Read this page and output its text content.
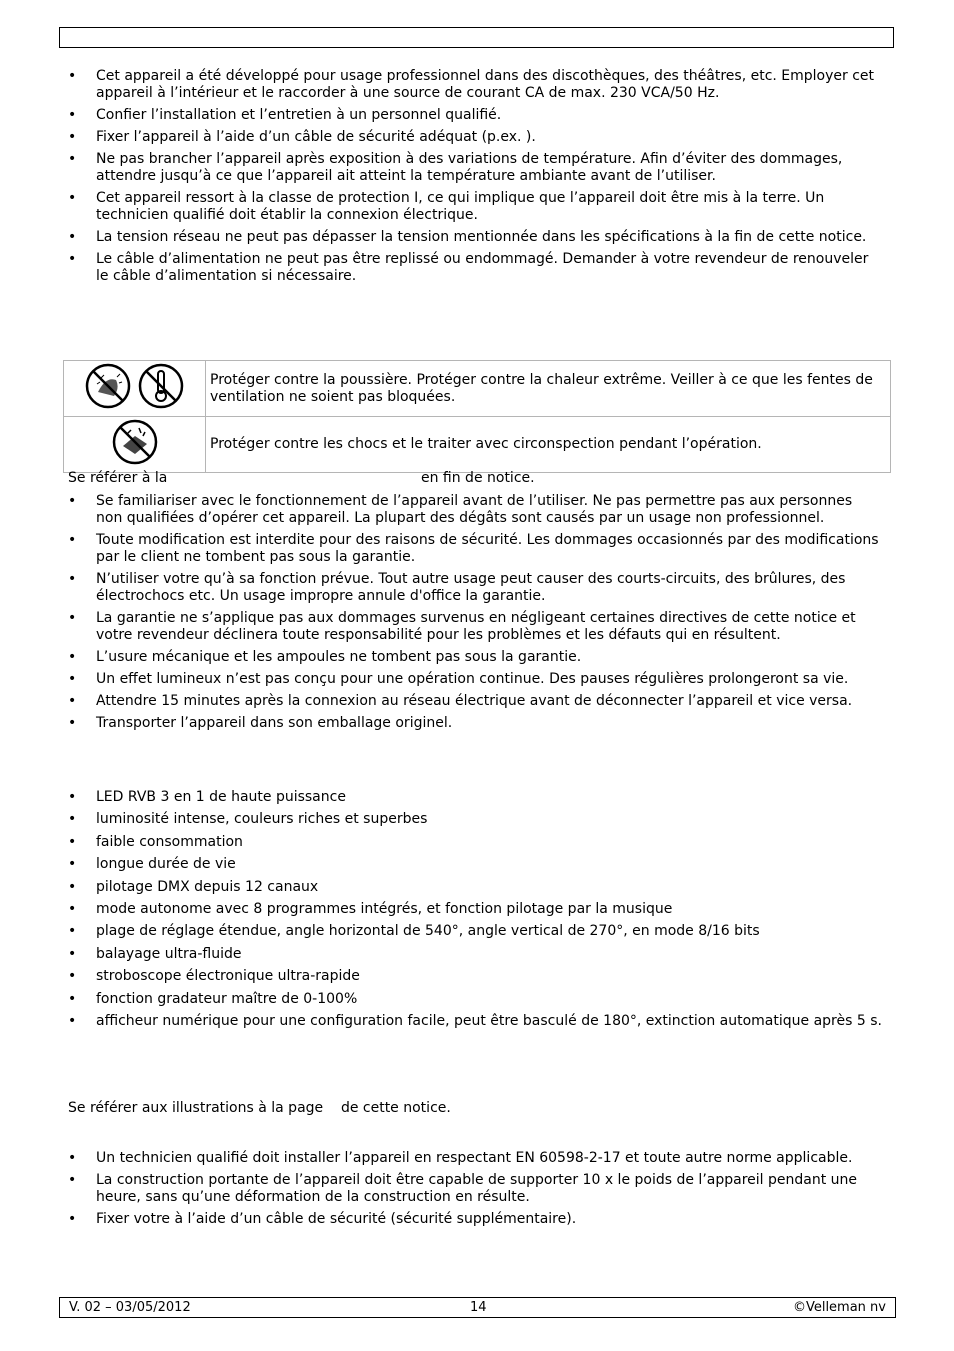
• Cet appareil a été développé pour usage professionnel dans des discothèques, des théâtres, etc. Employer cet appareil à l’intérieur et le raccorder à une source de courant CA de max. 230 VCA/50 Hz.
• Confier l’installation et l’entretien à un personnel qualifié.
• Fixer l’appareil à l’aide d’un câble de sécurité adéquat (p.ex. ).
• Ne pas brancher l’appareil après exposition à des variations de température. Afin d’éviter des dommages, attendre jusqu’à ce que l’appareil ait atteint la température ambiante avant de l’utiliser.
• Cet appareil ressort à la classe de protection I, ce qui implique que l’appareil doit être mis à la terre. Un technicien qualifié doit établir la connexion électrique.
• La tension réseau ne peut pas dépasser la tension mentionnée dans les spécifications à la fin de cette notice.
• Le câble d’alimentation ne peut pas être replissé ou endommagé. Demander à votre revendeur de renouveler le câble d’alimentation si nécessaire.
	Protéger contre la poussière. Protéger contre la chaleur extrême. Veiller à ce que les fentes de ventilation ne soient pas bloquées.
	Protéger contre les chocs et le traiter avec circonspection pendant l’opération.
Se référer à la                                                         en fin de notice.
• Se familiariser avec le fonctionnement de l’appareil avant de l’utiliser. Ne pas permettre pas aux personnes non qualifiées d’opérer cet appareil. La plupart des dégâts sont causés par un usage non professionnel.
• Toute modification est interdite pour des raisons de sécurité. Les dommages occasionnés par des modifications par le client ne tombent pas sous la garantie.
• N’utiliser votre qu’à sa fonction prévue. Tout autre usage peut causer des courts-circuits, des brûlures, des électrochocs etc. Un usage impropre annule d'office la garantie.
• La garantie ne s’applique pas aux dommages survenus en négligeant certaines directives de cette notice et votre revendeur déclinera toute responsabilité pour les problèmes et les défauts qui en résultent.
• L’usure mécanique et les ampoules ne tombent pas sous la garantie.
• Un effet lumineux n’est pas conçu pour une opération continue. Des pauses régulières prolongeront sa vie.
• Attendre 15 minutes après la connexion au réseau électrique avant de déconnecter l’appareil et vice versa.
• Transporter l’appareil dans son emballage originel.
• LED RVB 3 en 1 de haute puissance
• luminosité intense, couleurs riches et superbes
• faible consommation
• longue durée de vie
• pilotage DMX depuis 12 canaux
• mode autonome avec 8 programmes intégrés, et fonction pilotage par la musique
• plage de réglage étendue, angle horizontal de 540°, angle vertical de 270°, en mode 8/16 bits
• balayage ultra-fluide
• stroboscope électronique ultra-rapide
• fonction gradateur maître de 0-100%
• afficheur numérique pour une configuration facile, peut être basculé de 180°, extinction automatique après 5 s.
Se référer aux illustrations à la page    de cette notice.
• Un technicien qualifié doit installer l’appareil en respectant EN 60598-2-17 et toute autre norme applicable.
• La construction portante de l’appareil doit être capable de supporter 10 x le poids de l’appareil pendant une heure, sans qu’une déformation de la construction en résulte.
• Fixer votre à l’aide d’un câble de sécurité (sécurité supplémentaire).
V. 02 – 03/05/2012	14	©Velleman nv
